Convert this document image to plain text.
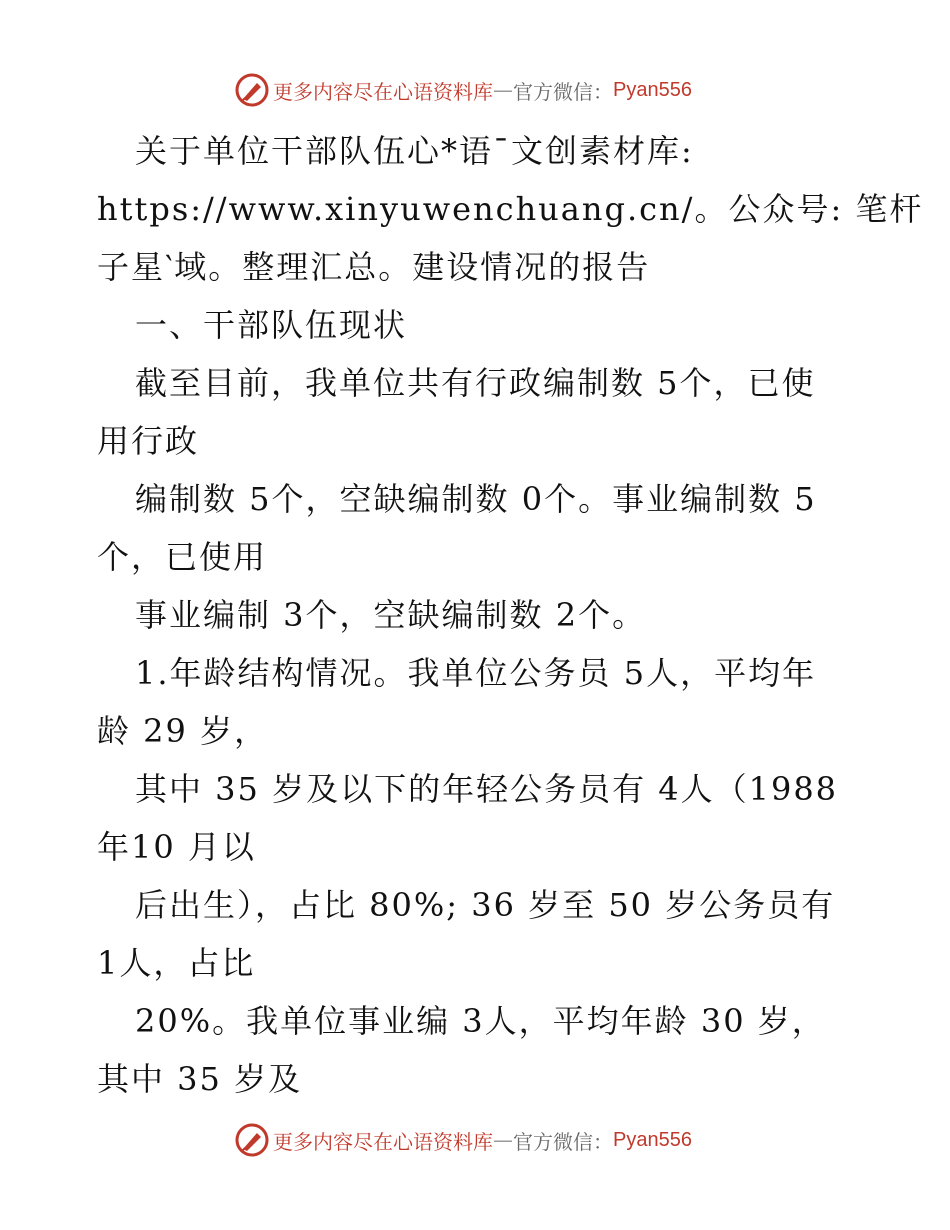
更多内容尽在心语资料库 — 官方微信： Pyan556
关于单位干部队伍心*语¯文创素材库:
https://www.xinyuwenchuang.cn/。公众号: 笔杆
子星‵域。整理汇总。建设情况的报告
一、干部队伍现状
截至目前，我单位共有行政编制数 5个，已使
用行政
编制数 5个，空缺编制数 0个。事业编制数 5
个，已使用
事业编制 3个，空缺编制数 2个。
1.年龄结构情况。我单位公务员 5人，平均年
龄 29 岁，
其中 35 岁及以下的年轻公务员有 4人（1988
年10 月以
后出生），占比 80%; 36 岁至 50 岁公务员有
1人，占比
20%。我单位事业编 3人，平均年龄 30 岁，
其中 35 岁及
更多内容尽在心语资料库 — 官方微信： Pyan556
